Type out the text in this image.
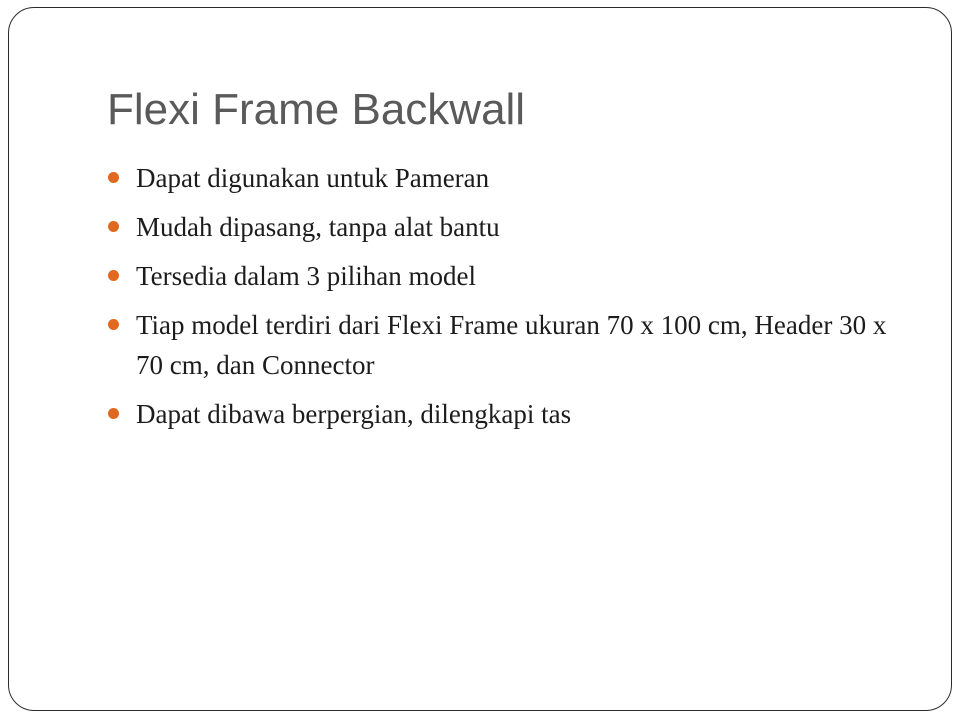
Flexi Frame Backwall
Dapat digunakan untuk Pameran
Mudah dipasang, tanpa alat bantu
Tersedia dalam 3 pilihan model
Tiap model terdiri dari Flexi Frame ukuran 70 x 100 cm, Header 30 x 70 cm, dan Connector
Dapat dibawa berpergian, dilengkapi tas
